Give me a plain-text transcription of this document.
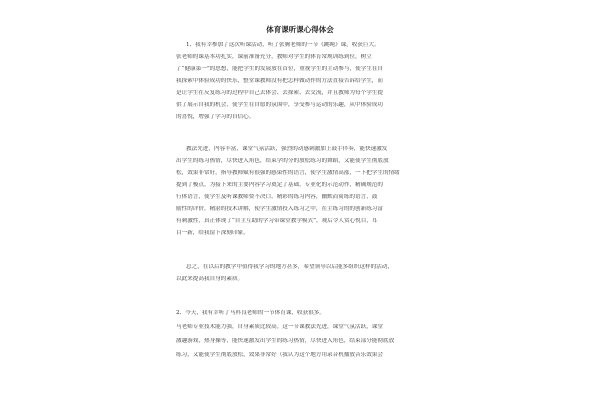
体育课听课心得体会

1、我有幸参加了这次听课活动，听了张腾老师的一节《跳绳》课，收获巨大。

张老师的课基本功扎实，课前准备充分，教师对学生的体育常规训练到位，树立

了“健康第一”的思想，能把学生的发展放在首位，重视学生的主动参与，使学生在自

我探索中体验成功的快乐，整堂课教师没有把怎样做动作的方法直接告诉给学生，而

是让学生在反复练习的过程中自己去体会、去探索、去交流，并且教师为每个学生提

供了展示自我的机会，使学生在自愿的氛围中，享受参与运动的乐趣，从中体验成功

的喜悦，增强了学习的自信心。

教法先进，内容丰富，课堂气氛活跃，强烈的动感刺激加上鼓手伴奏，能快速激发

出学生的练习热情，尽快进入角色，给束学的分的放松练习的舞蹈，又能使学生彻底放

松，效果非常好，指导教师赋有很强的感染性的语言，使学生激情高涨，一下把学生的情绪

提到了极点，为接下来的主要内容学习奠定了基础，专业化的示范动作，精确规范的

行体语言，使学生及听课教师赞不决口，精彩的练习内容，幽默而简练的语言，鼓

励性的评价，精湛的技术讲解，使学生激情投入练习之中，在主练习的的创新练习富

有刺激性，真正体现了“自主互助的学习带课堂教学模式”，观后令人赏心悦目，耳

目一新，给我留下深刻印象。

总之，在以后的教学中值得我学习的地方甚多，希望领导以后能多组织这样的活动，

以此来提高我自身的素质。

2、今天，我有幸听了马科良老师的一节体育课，收获很多。

马老师专业技术能力强，自身素质比较高。这一节课教法先进，课堂气氛活跃，课堂

激趣游戏，热身操等，能快速激发出学生的练习热情，尽快进入角色，结束部分能彻底放

练习，又能使学生彻底放松，效果非常好（我认为这个地方用录音机播放音乐效果会
